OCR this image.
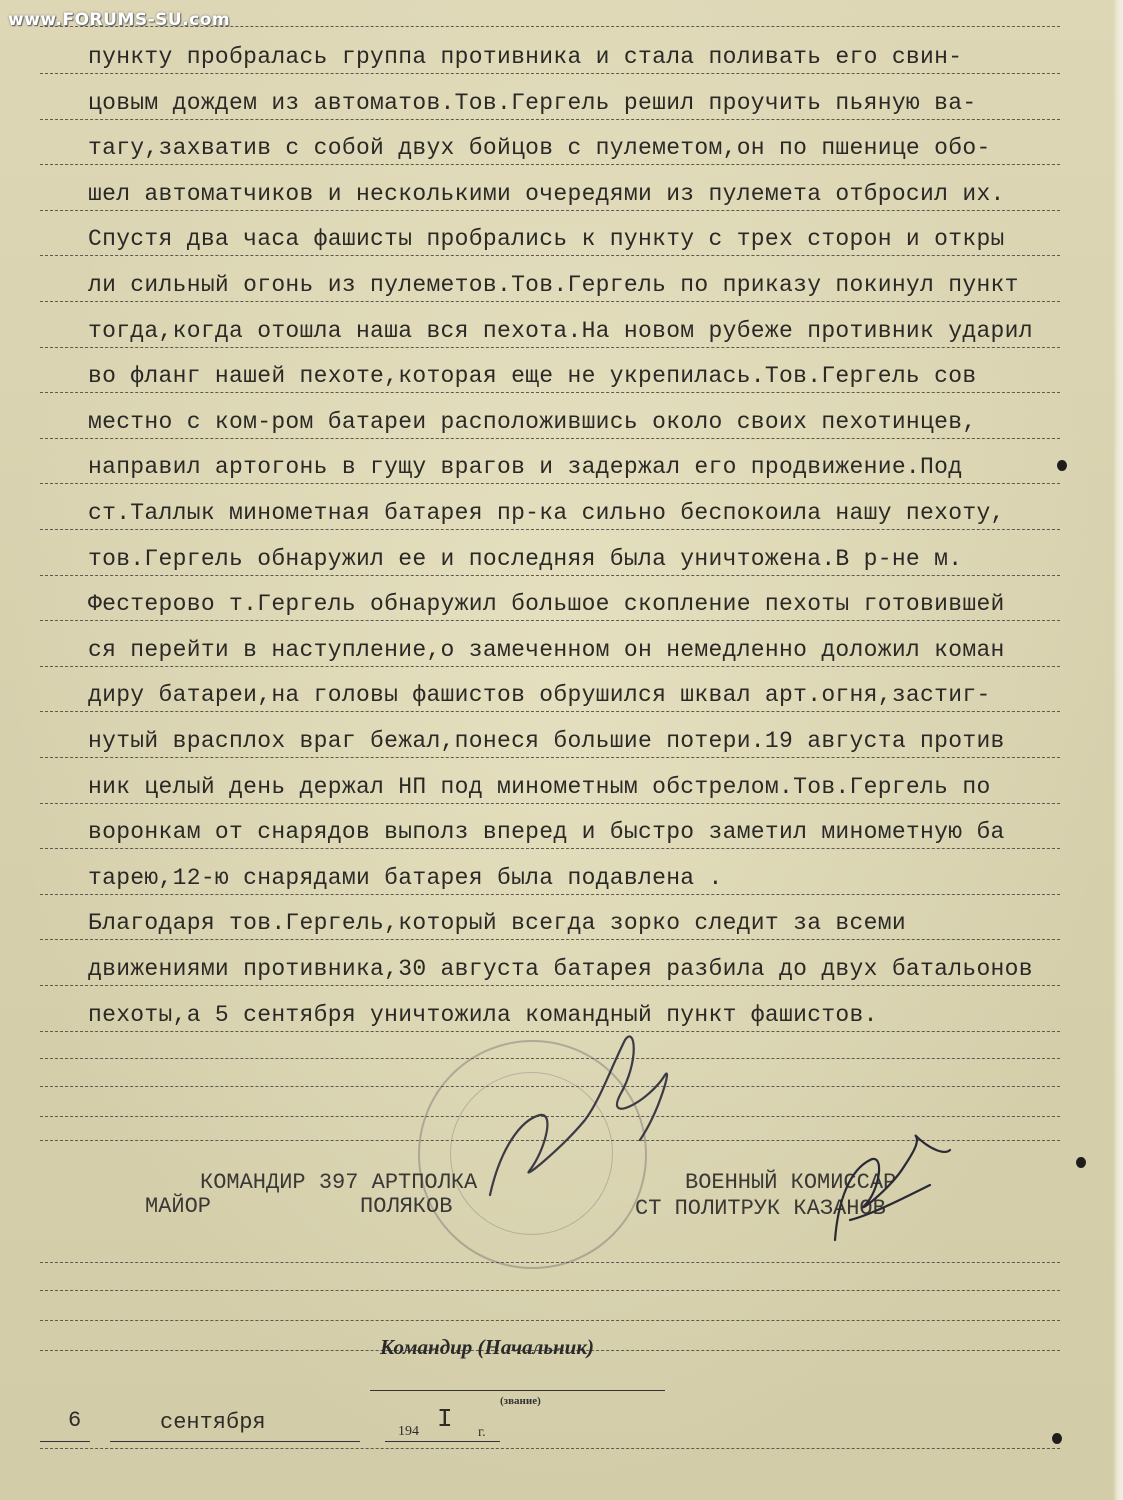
www.FORUMS-SU.com
пункту пробралась группа противника и стала поливать его свин-
цовым дождем из автоматов.Тов.Гергель решил проучить пьяную ва-
тагу,захватив с собой двух бойцов с пулеметом,он по пшенице обо-
шел автоматчиков и несколькими очередями из пулемета отбросил их.
Спустя два часа фашисты пробрались к пункту с трех сторон и откры
ли сильный огонь из пулеметов.Тов.Гергель по приказу покинул пункт
тогда,когда отошла наша вся пехота.На новом рубеже противник ударил
во фланг нашей пехоте,которая еще не укрепилась.Тов.Гергель сов
местно с ком-ром батареи расположившись около своих пехотинцев,
направил артогонь в гущу врагов и задержал его продвижение.Под
ст.Таллык минометная батарея пр-ка сильно беспокоила нашу пехоту,
тов.Гергель обнаружил ее и последняя была уничтожена.В р-не м.
Фестерово т.Гергель обнаружил большое скопление пехоты готовившей
ся перейти в наступление,о замеченном он немедленно доложил коман
диру батареи,на головы фашистов обрушился шквал арт.огня,застиг-
нутый врасплох враг бежал,понеся большие потери.19 августа против
ник целый день держал НП под минометным обстрелом.Тов.Гергель по
воронкам от снарядов выполз вперед и быстро заметил минометную ба
тарею,12-ю снарядами батарея была подавлена .
Благодаря тов.Гергель,который всегда зорко следит за всеми
движениями противника,30 августа батарея разбила до двух батальонов
пехоты,а 5 сентября уничтожила командный пункт фашистов.
КОМАНДИР 397 АРТПОЛКА
МАЙОР	ПОЛЯКОВ
ВОЕННЫЙ КОМИССАР
СТ ПОЛИТРУК КАЗАНОВ
Командир (Начальник)
(звание)
6	сентября	194 I г.
